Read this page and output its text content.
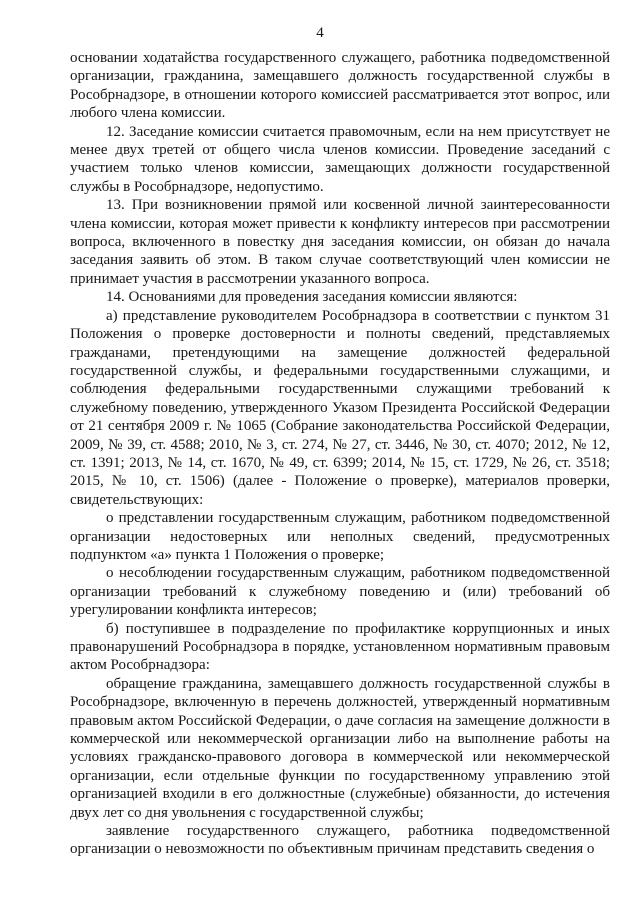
4

основании ходатайства государственного служащего, работника подведомственной организации, гражданина, замещавшего должность государственной службы в Рособрнадзоре, в отношении которого комиссией рассматривается этот вопрос, или любого члена комиссии.

12. Заседание комиссии считается правомочным, если на нем присутствует не менее двух третей от общего числа членов комиссии. Проведение заседаний с участием только членов комиссии, замещающих должности государственной службы в Рособрнадзоре, недопустимо.

13. При возникновении прямой или косвенной личной заинтересованности члена комиссии, которая может привести к конфликту интересов при рассмотрении вопроса, включенного в повестку дня заседания комиссии, он обязан до начала заседания заявить об этом. В таком случае соответствующий член комиссии не принимает участия в рассмотрении указанного вопроса.

14. Основаниями для проведения заседания комиссии являются:

а) представление руководителем Рособрнадзора в соответствии с пунктом 31 Положения о проверке достоверности и полноты сведений, представляемых гражданами, претендующими на замещение должностей федеральной государственной службы, и федеральными государственными служащими, и соблюдения федеральными государственными служащими требований к служебному поведению, утвержденного Указом Президента Российской Федерации от 21 сентября 2009 г. № 1065 (Собрание законодательства Российской Федерации, 2009, № 39, ст. 4588; 2010, № 3, ст. 274, № 27, ст. 3446, № 30, ст. 4070; 2012, № 12, ст. 1391; 2013, № 14, ст. 1670, № 49, ст. 6399; 2014, № 15, ст. 1729, № 26, ст. 3518; 2015, № 10, ст. 1506) (далее - Положение о проверке), материалов проверки, свидетельствующих:

о представлении государственным служащим, работником подведомственной организации недостоверных или неполных сведений, предусмотренных подпунктом «а» пункта 1 Положения о проверке;

о несоблюдении государственным служащим, работником подведомственной организации требований к служебному поведению и (или) требований об урегулировании конфликта интересов;

б) поступившее в подразделение по профилактике коррупционных и иных правонарушений Рособрнадзора в порядке, установленном нормативным правовым актом Рособрнадзора:

обращение гражданина, замещавшего должность государственной службы в Рособрнадзоре, включенную в перечень должностей, утвержденный нормативным правовым актом Российской Федерации, о даче согласия на замещение должности в коммерческой или некоммерческой организации либо на выполнение работы на условиях гражданско-правового договора в коммерческой или некоммерческой организации, если отдельные функции по государственному управлению этой организацией входили в его должностные (служебные) обязанности, до истечения двух лет со дня увольнения с государственной службы;

заявление государственного служащего, работника подведомственной организации о невозможности по объективным причинам представить сведения о
